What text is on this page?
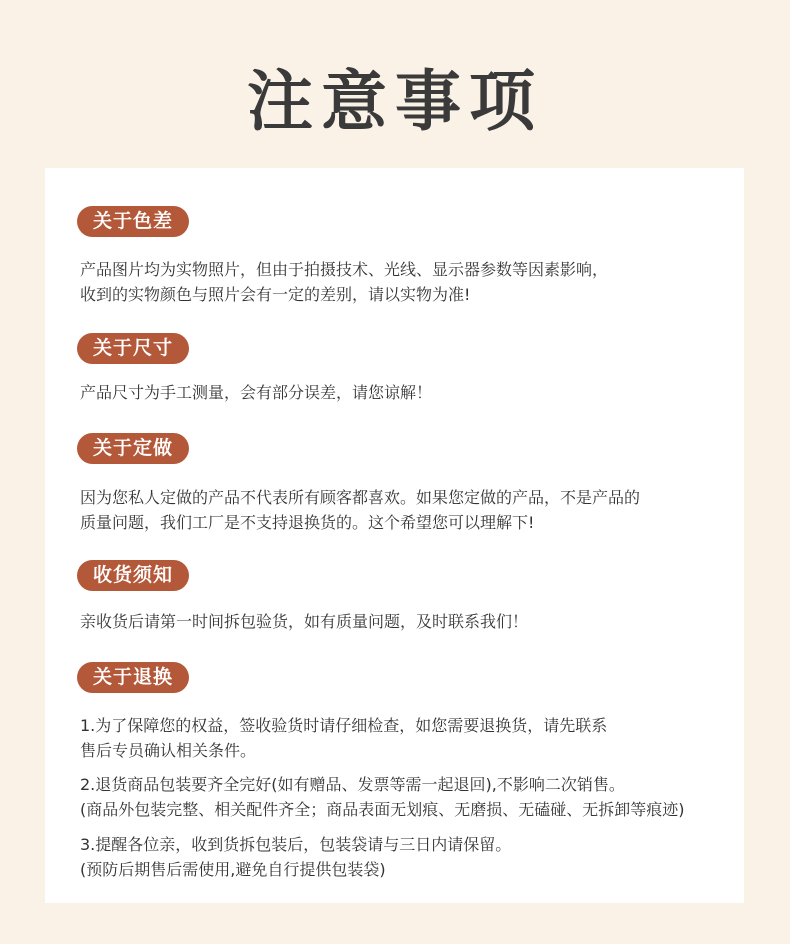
注意事项
关于色差
产品图片均为实物照片，但由于拍摄技术、光线、显示器参数等因素影响，
收到的实物颜色与照片会有一定的差别，请以实物为准!
关于尺寸
产品尺寸为手工测量，会有部分误差，请您谅解！
关于定做
因为您私人定做的产品不代表所有顾客都喜欢。如果您定做的产品，不是产品的
质量问题，我们工厂是不支持退换货的。这个希望您可以理解下!
收货须知
亲收货后请第一时间拆包验货，如有质量问题，及时联系我们！
关于退换
1.为了保障您的权益，签收验货时请仔细检查，如您需要退换货，请先联系
售后专员确认相关条件。
2.退货商品包装要齐全完好(如有赠品、发票等需一起退回),不影响二次销售。
(商品外包装完整、相关配件齐全；商品表面无划痕、无磨损、无磕碰、无拆卸等痕迹)
3.提醒各位亲，收到货拆包装后，包装袋请与三日内请保留。
(预防后期售后需使用,避免自行提供包装袋)
